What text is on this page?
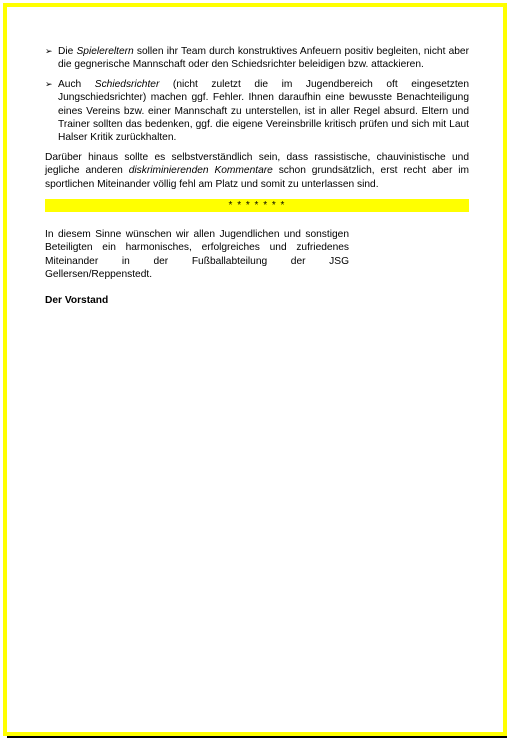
➢ Die Spielereltern sollen ihr Team durch konstruktives Anfeuern positiv begleiten, nicht aber die gegnerische Mannschaft oder den Schiedsrichter beleidigen bzw. attackieren.
➢ Auch Schiedsrichter (nicht zuletzt die im Jugendbereich oft eingesetzten Jungschiedsrichter) machen ggf. Fehler. Ihnen daraufhin eine bewusste Benachteiligung eines Vereins bzw. einer Mannschaft zu unterstellen, ist in aller Regel absurd. Eltern und Trainer sollten das bedenken, ggf. die eigene Vereinsbrille kritisch prüfen und sich mit Laut Halser Kritik zurückhalten.
Darüber hinaus sollte es selbstverständlich sein, dass rassistische, chauvinistische und jegliche anderen diskriminierenden Kommentare schon grundsätzlich, erst recht aber im sportlichen Miteinander völlig fehl am Platz und somit zu unterlassen sind.
* * * * * * *
In diesem Sinne wünschen wir allen Jugendlichen und sonstigen Beteiligten ein harmonisches, erfolgreiches und zufriedenes Miteinander in der Fußballabteilung der JSG Gellersen/Reppenstedt.
Der Vorstand
